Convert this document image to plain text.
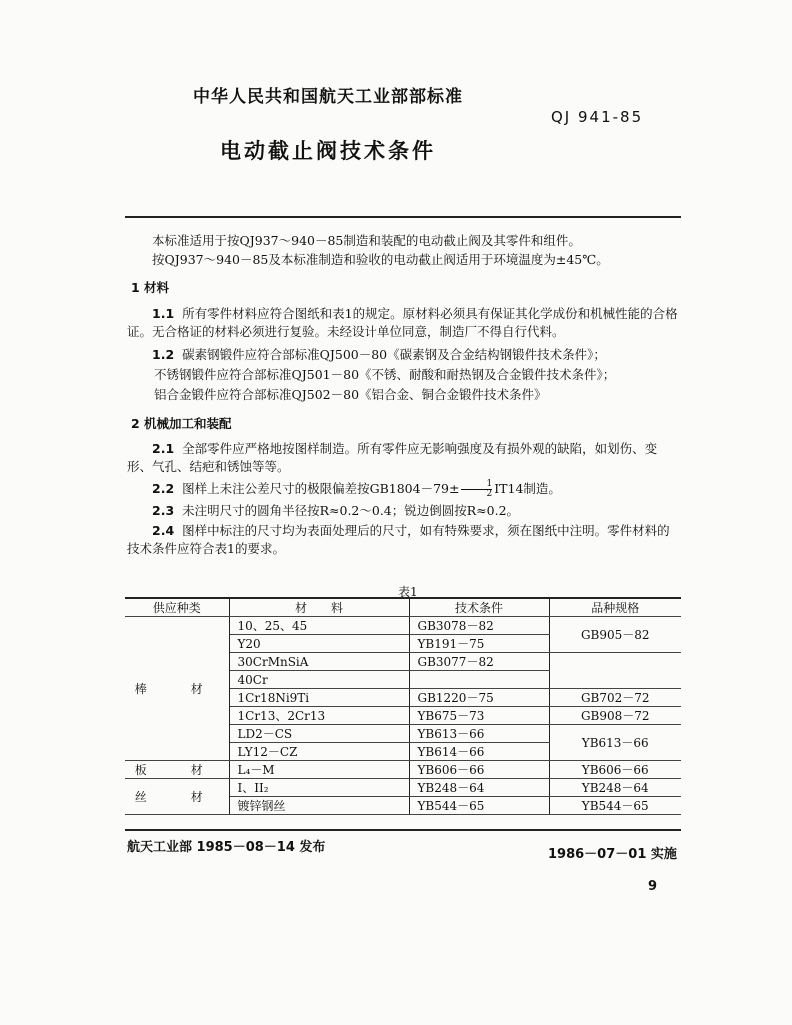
中华人民共和国航天工业部部标准
QJ 941-85
电动截止阀技术条件
本标准适用于按QJ937～940－85制造和装配的电动截止阀及其零件和组件。
按QJ937～940－85及本标准制造和验收的电动截止阀适用于环境温度为±45℃。
1 材料
1.1 所有零件材料应符合图纸和表1的规定。原材料必须具有保证其化学成份和机械性能的合格证。无合格证的材料必须进行复验。未经设计单位同意，制造厂不得自行代料。
1.2 碳素钢锻件应符合部标准QJ500－80《碳素钢及合金结构钢锻件技术条件》；
不锈钢锻件应符合部标准QJ501－80《不锈、耐酸和耐热钢及合金锻件技术条件》；
铝合金锻件应符合部标准QJ502－80《铝合金、铜合金锻件技术条件》
2 机械加工和装配
2.1 全部零件应严格地按图样制造。所有零件应无影响强度及有损外观的缺陷，如划伤、变形、气孔、结疤和锈蚀等等。
2.2 图样上未注公差尺寸的极限偏差按$GB1804-79\pm \frac{1}{2} IT14$制造。
2.3 未注明尺寸的圆角半径按R≈0.2～0.4；锐边倒圆按R≈0.2。
2.4 图样中标注的尺寸均为表面处理后的尺寸，如有特殊要求，须在图纸中注明。零件材料的技术条件应符合表1的要求。
表1
供应种类	材　　料	技术条件	品种规格
棒　材	10、25、45	GB3078－82	GB905－82
	Y20	YB191－75	
	30CrMnSiA	GB3077－82	
	40Cr		
	1Cr18Ni9Ti	GB1220－75	GB702－72
	1Cr13、2Cr13	YB675－73	GB908－72
	LD2－CS	YB613－66	YB613－66
	LY12－CZ	YB614－66	
板　材	L₄－M	YB606－66	YB606－66
丝　材	I、II₂	YB248－64	YB248－64
	镀锌钢丝	YB544－65	YB544－65
航天工业部 1985－08－14 发布	1986－07－01 实施
9
